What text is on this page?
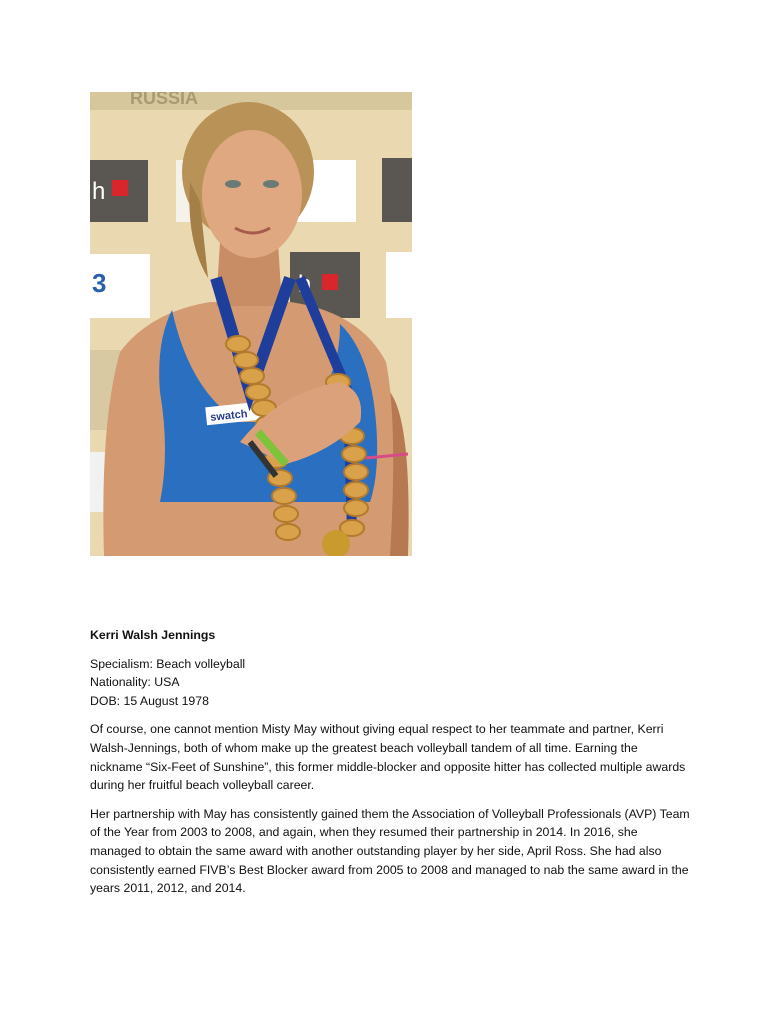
RUSSIA
h
3	h
swatch

Kerri Walsh Jennings

Specialism: Beach volleyball
Nationality: USA
DOB: 15 August 1978

Of course, one cannot mention Misty May without giving equal respect to her teammate and partner, Kerri Walsh-Jennings, both of whom make up the greatest beach volleyball tandem of all time. Earning the nickname “Six-Feet of Sunshine”, this former middle-blocker and opposite hitter has collected multiple awards during her fruitful beach volleyball career.

Her partnership with May has consistently gained them the Association of Volleyball Professionals (AVP) Team of the Year from 2003 to 2008, and again, when they resumed their partnership in 2014. In 2016, she managed to obtain the same award with another outstanding player by her side, April Ross. She had also consistently earned FIVB’s Best Blocker award from 2005 to 2008 and managed to nab the same award in the years 2011, 2012, and 2014.
